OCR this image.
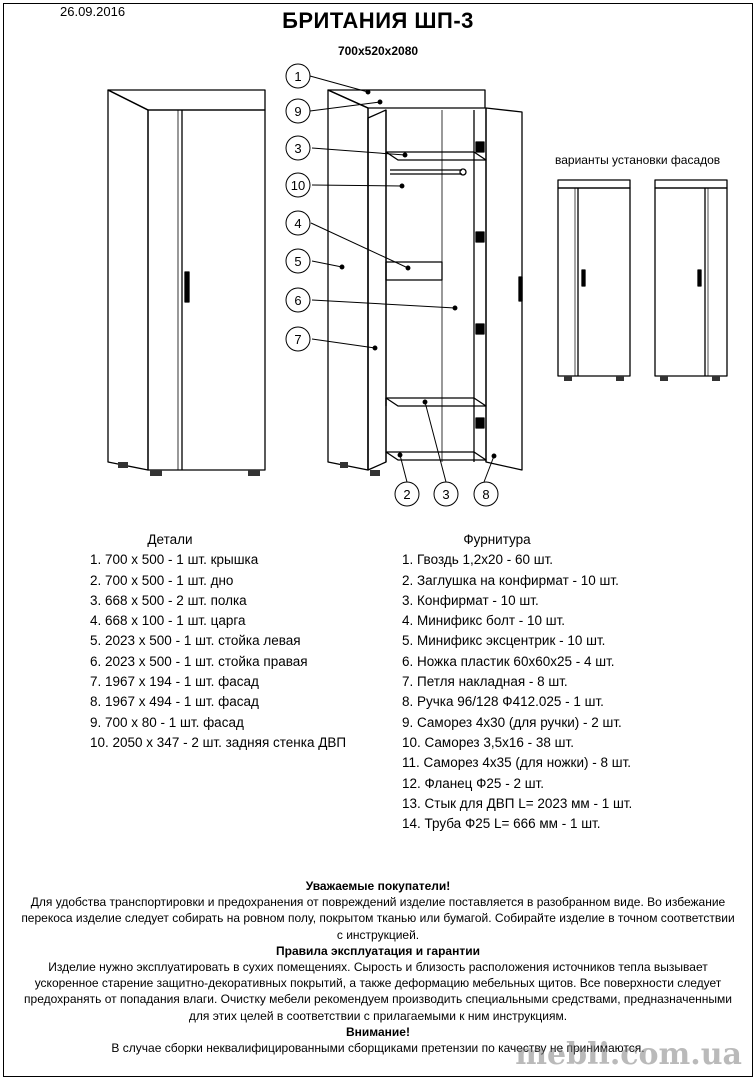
26.09.2016	БРИТАНИЯ ШП-3
700х520х2080
варианты установки фасадов
1
9
3
10
4
5
6
7
2 3	8
Детали
1. 700 х 500 - 1 шт. крышка
2. 700 х 500 - 1 шт. дно
3. 668 х 500 - 2 шт. полка
4. 668 х 100 - 1 шт. царга
5. 2023 х 500 - 1 шт. стойка левая
6. 2023 х 500 - 1 шт. стойка правая
7. 1967 х 194 - 1 шт. фасад
8. 1967 х 494 - 1 шт. фасад
9. 700 х 80 - 1 шт. фасад
10. 2050 х 347 - 2 шт. задняя стенка ДВП
Фурнитура
1. Гвоздь 1,2х20 - 60 шт.
2. Заглушка на конфирмат - 10 шт.
3. Конфирмат - 10 шт.
4. Минификс болт - 10 шт.
5. Минификс эксцентрик - 10 шт.
6. Ножка пластик 60х60х25 - 4 шт.
7. Петля накладная - 8 шт.
8. Ручка 96/128 Ф412.025 - 1 шт.
9. Саморез 4х30 (для ручки) - 2 шт.
10. Саморез 3,5х16 - 38 шт.
11. Саморез 4х35 (для ножки) - 8 шт.
12. Фланец Ф25 - 2 шт.
13. Стык для ДВП L= 2023 мм - 1 шт.
14. Труба Ф25 L= 666 мм - 1 шт.
Уважаемые покупатели!
Для удобства транспортировки и предохранения от повреждений изделие поставляется в разобранном виде. Во избежание перекоса изделие следует собирать на ровном полу, покрытом тканью или бумагой. Собирайте изделие в точном соответствии с инструкцией.
Правила эксплуатация и гарантии
Изделие нужно эксплуатировать в сухих помещениях. Сырость и близость расположения источников тепла вызывает ускоренное старение защитно-декоративных покрытий, а также деформацию мебельных щитов. Все поверхности следует предохранять от попадания влаги. Очистку мебели рекомендуем производить специальными средствами, предназначенными для этих целей в соответствии с прилагаемыми к ним инструкциям.
Внимание!
В случае сборки неквалифицированными сборщиками претензии по качеству не принимаются.
mebli.com.ua
